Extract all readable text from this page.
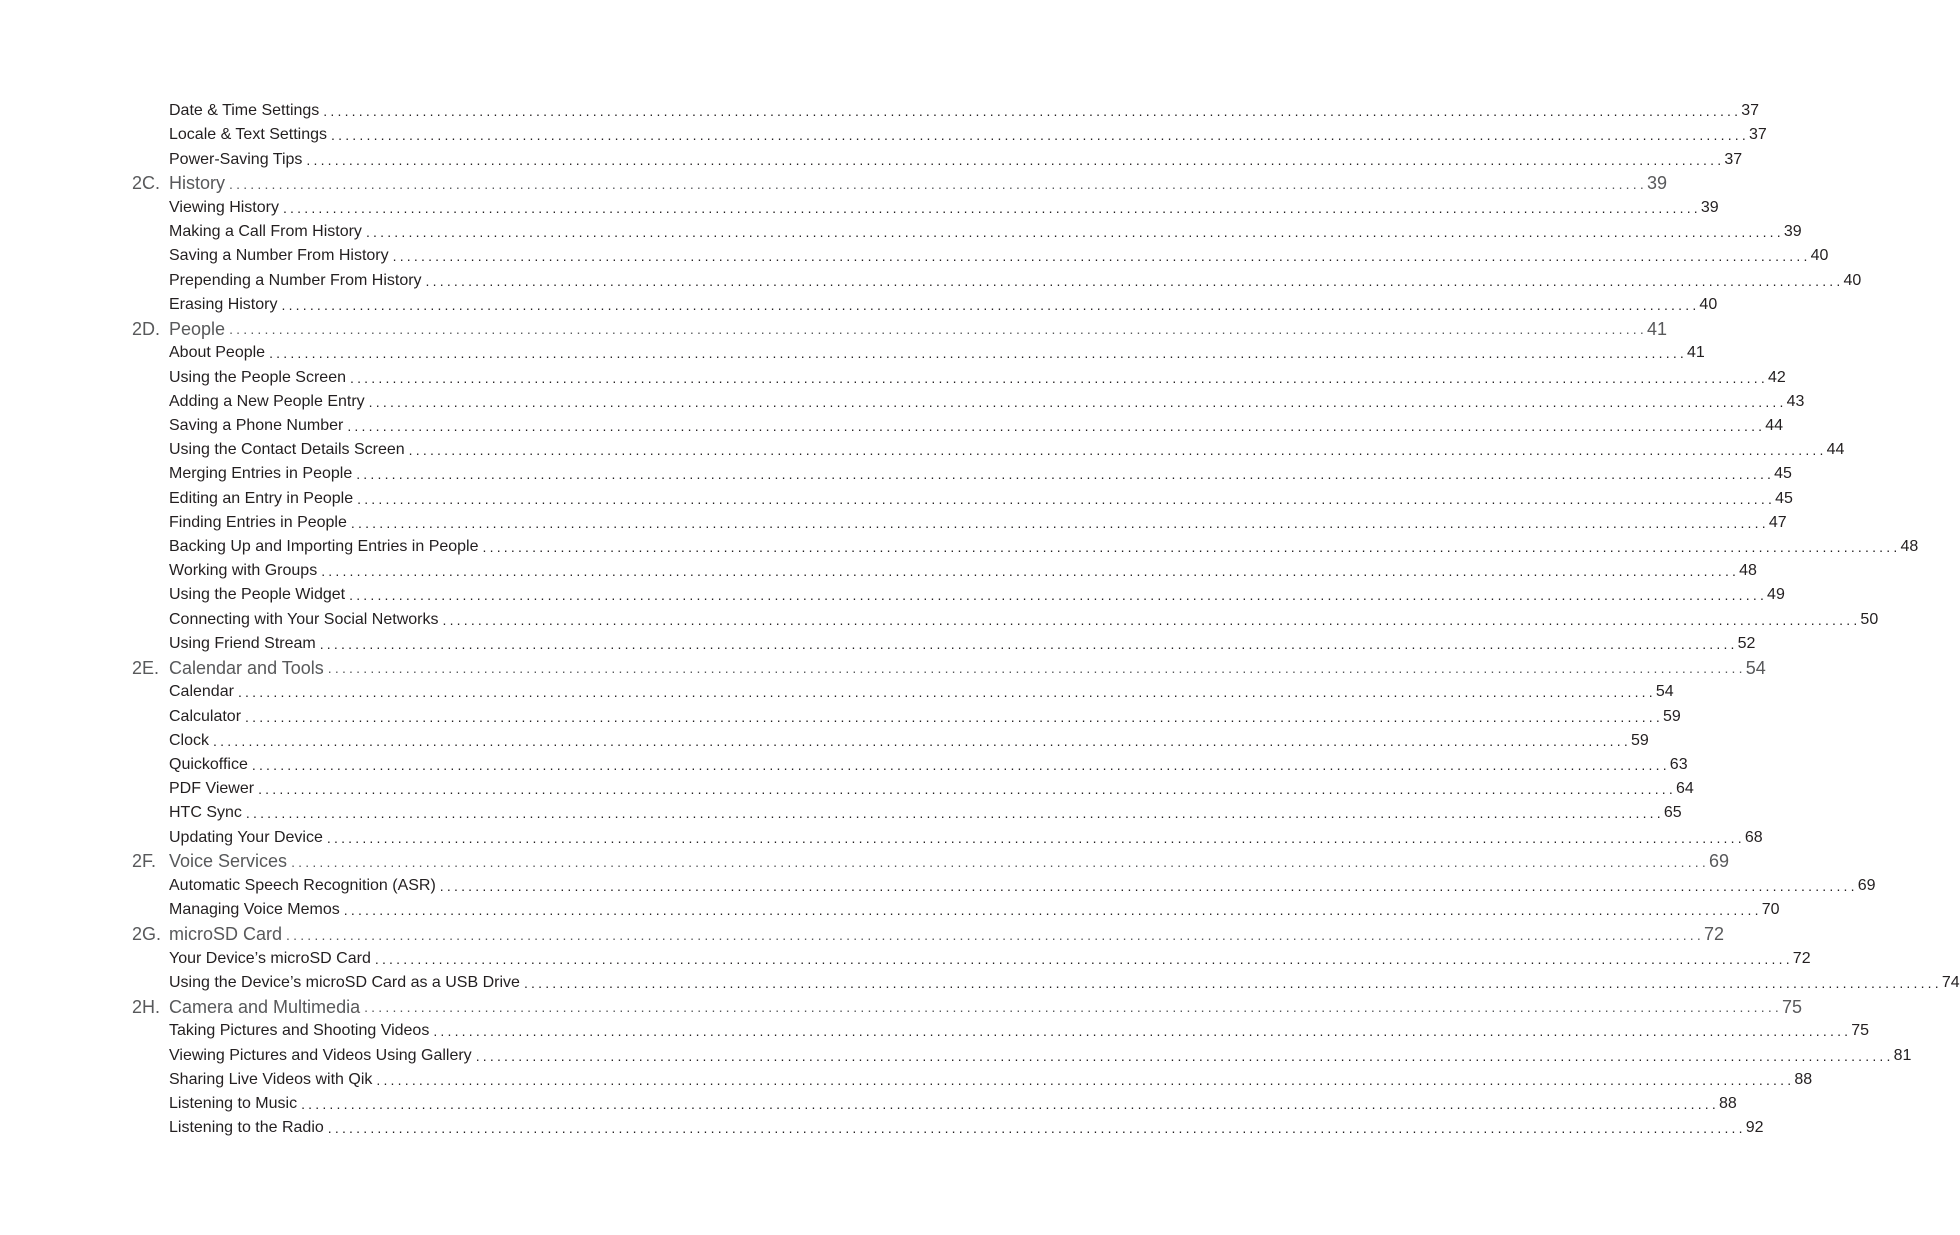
Date & Time Settings ........................................................................................................................................................................................................ 37
Locale & Text Settings ........................................................................................................................................................................................................ 37
Power-Saving Tips ........................................................................................................................................................................................................ 37
2C. History ........................................................................................................................................................................................................ 39
Viewing History ........................................................................................................................................................................................................ 39
Making a Call From History ........................................................................................................................................................................................................ 39
Saving a Number From History ........................................................................................................................................................................................................ 40
Prepending a Number From History ........................................................................................................................................................................................................ 40
Erasing History ........................................................................................................................................................................................................ 40
2D. People ........................................................................................................................................................................................................ 41
About People ........................................................................................................................................................................................................ 41
Using the People Screen ........................................................................................................................................................................................................ 42
Adding a New People Entry ........................................................................................................................................................................................................ 43
Saving a Phone Number ........................................................................................................................................................................................................ 44
Using the Contact Details Screen ........................................................................................................................................................................................................ 44
Merging Entries in People ........................................................................................................................................................................................................ 45
Editing an Entry in People ........................................................................................................................................................................................................ 45
Finding Entries in People ........................................................................................................................................................................................................ 47
Backing Up and Importing Entries in People ........................................................................................................................................................................................................ 48
Working with Groups ........................................................................................................................................................................................................ 48
Using the People Widget ........................................................................................................................................................................................................ 49
Connecting with Your Social Networks ........................................................................................................................................................................................................ 50
Using Friend Stream ........................................................................................................................................................................................................ 52
2E. Calendar and Tools ........................................................................................................................................................................................................ 54
Calendar ........................................................................................................................................................................................................ 54
Calculator ........................................................................................................................................................................................................ 59
Clock ........................................................................................................................................................................................................ 59
Quickoffice ........................................................................................................................................................................................................ 63
PDF Viewer ........................................................................................................................................................................................................ 64
HTC Sync ........................................................................................................................................................................................................ 65
Updating Your Device ........................................................................................................................................................................................................ 68
2F. Voice Services ........................................................................................................................................................................................................ 69
Automatic Speech Recognition (ASR) ........................................................................................................................................................................................................ 69
Managing Voice Memos ........................................................................................................................................................................................................ 70
2G. microSD Card ........................................................................................................................................................................................................ 72
Your Device’s microSD Card ........................................................................................................................................................................................................ 72
Using the Device’s microSD Card as a USB Drive ........................................................................................................................................................................................................ 74
2H. Camera and Multimedia ........................................................................................................................................................................................................ 75
Taking Pictures and Shooting Videos ........................................................................................................................................................................................................ 75
Viewing Pictures and Videos Using Gallery ........................................................................................................................................................................................................ 81
Sharing Live Videos with Qik ........................................................................................................................................................................................................ 88
Listening to Music ........................................................................................................................................................................................................ 88
Listening to the Radio ........................................................................................................................................................................................................ 92
